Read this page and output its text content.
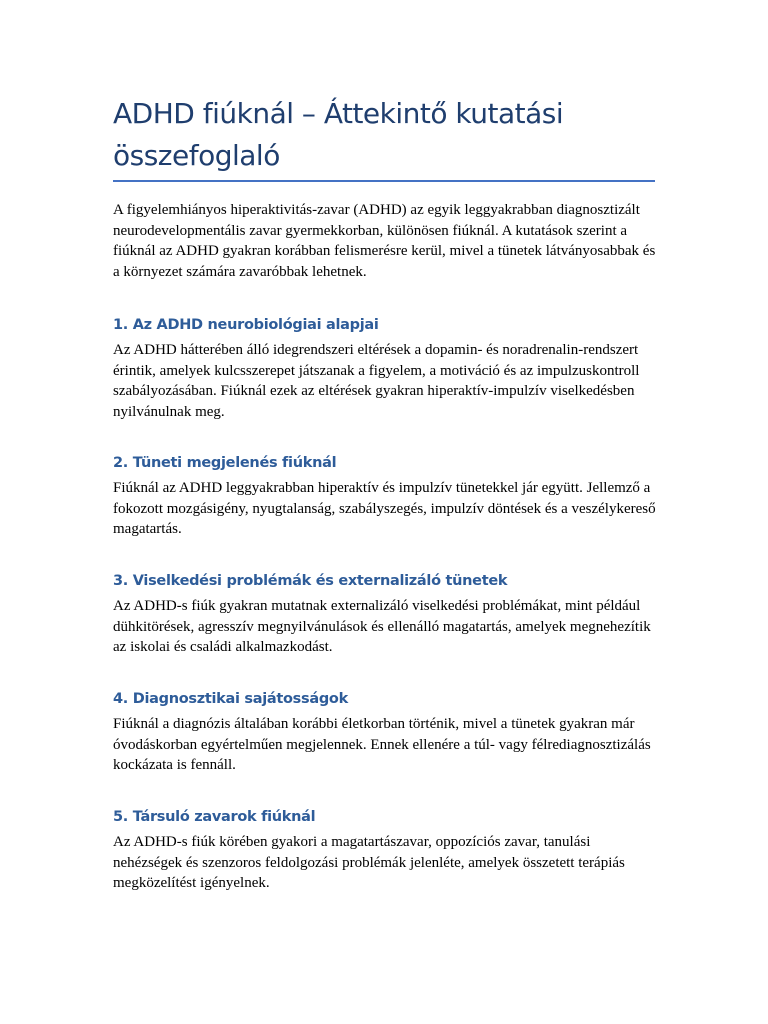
ADHD fiúknál – Áttekintő kutatási összefoglaló

A figyelemhiányos hiperaktivitás-zavar (ADHD) az egyik leggyakrabban diagnosztizált neurodevelopmentális zavar gyermekkorban, különösen fiúknál. A kutatások szerint a fiúknál az ADHD gyakran korábban felismerésre kerül, mivel a tünetek látványosabbak és a környezet számára zavaróbbak lehetnek.

1. Az ADHD neurobiológiai alapjai

Az ADHD hátterében álló idegrendszeri eltérések a dopamin- és noradrenalin-rendszert érintik, amelyek kulcsszerepet játszanak a figyelem, a motiváció és az impulzuskontroll szabályozásában. Fiúknál ezek az eltérések gyakran hiperaktív-impulzív viselkedésben nyilvánulnak meg.

2. Tüneti megjelenés fiúknál

Fiúknál az ADHD leggyakrabban hiperaktív és impulzív tünetekkel jár együtt. Jellemző a fokozott mozgásigény, nyugtalanság, szabályszegés, impulzív döntések és a veszélykereső magatartás.

3. Viselkedési problémák és externalizáló tünetek

Az ADHD-s fiúk gyakran mutatnak externalizáló viselkedési problémákat, mint például dühkitörések, agresszív megnyilvánulások és ellenálló magatartás, amelyek megnehezítik az iskolai és családi alkalmazkodást.

4. Diagnosztikai sajátosságok

Fiúknál a diagnózis általában korábbi életkorban történik, mivel a tünetek gyakran már óvodáskorban egyértelműen megjelennek. Ennek ellenére a túl- vagy félrediagnosztizálás kockázata is fennáll.

5. Társuló zavarok fiúknál

Az ADHD-s fiúk körében gyakori a magatartászavar, oppozíciós zavar, tanulási nehézségek és szenzoros feldolgozási problémák jelenléte, amelyek összetett terápiás megközelítést igényelnek.
